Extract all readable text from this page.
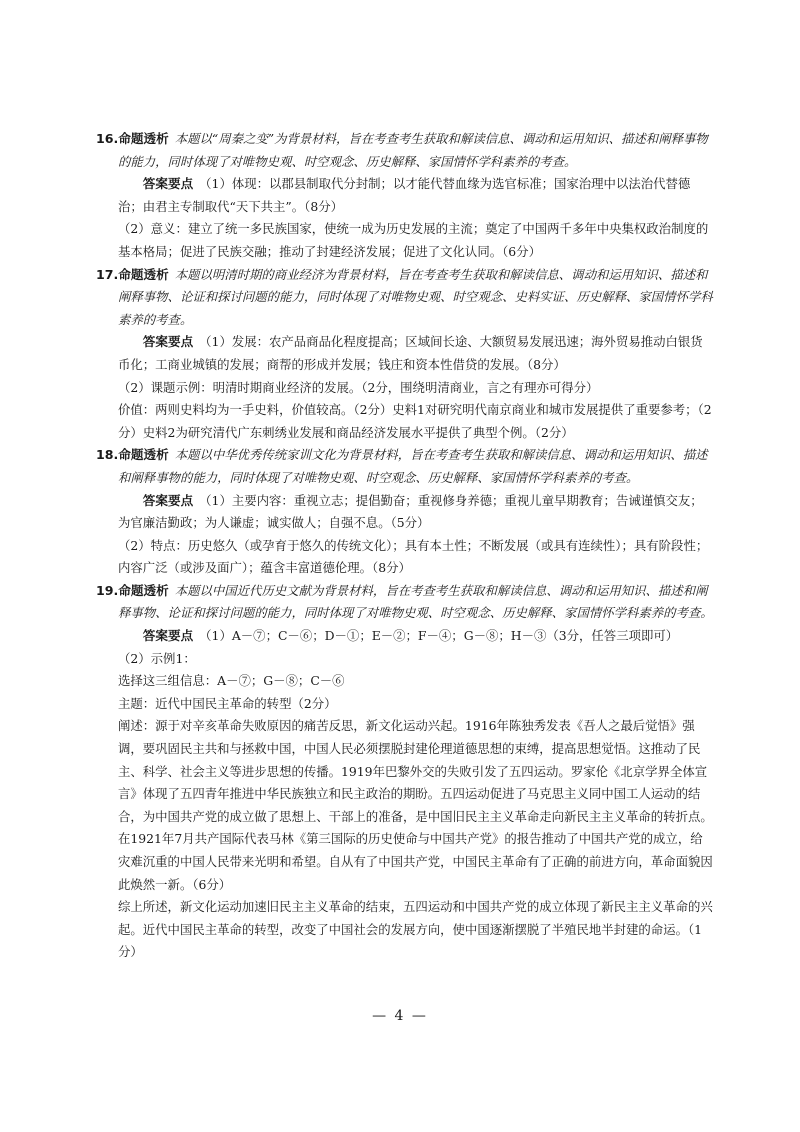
16.命题透析 本题以“周秦之变”为背景材料，旨在考查考生获取和解读信息、调动和运用知识、描述和阐释事物的能力，同时体现了对唯物史观、时空观念、历史解释、家国情怀学科素养的考查。
答案要点 （1）体现：以郡县制取代分封制；以才能代替血缘为选官标准；国家治理中以法治代替德治；由君主专制取代“天下共主”。（8分）
（2）意义：建立了统一多民族国家，使统一成为历史发展的主流；奠定了中国两千多年中央集权政治制度的基本格局；促进了民族交融；推动了封建经济发展；促进了文化认同。（6分）
17.命题透析 本题以明清时期的商业经济为背景材料，旨在考查考生获取和解读信息、调动和运用知识、描述和阐释事物、论证和探讨问题的能力，同时体现了对唯物史观、时空观念、史料实证、历史解释、家国情怀学科素养的考查。
答案要点 （1）发展：农产品商品化程度提高；区域间长途、大额贸易发展迅速；海外贸易推动白银货币化；工商业城镇的发展；商帮的形成并发展；钱庄和资本性借贷的发展。（8分）
（2）课题示例：明清时期商业经济的发展。（2分，围绕明清商业，言之有理亦可得分）
价值：两则史料均为一手史料，价值较高。（2分）史料1对研究明代南京商业和城市发展提供了重要参考；（2分）史料2为研究清代广东刺绣业发展和商品经济发展水平提供了典型个例。（2分）
18.命题透析 本题以中华优秀传统家训文化为背景材料，旨在考查考生获取和解读信息、调动和运用知识、描述和阐释事物的能力，同时体现了对唯物史观、时空观念、历史解释、家国情怀学科素养的考查。
答案要点 （1）主要内容：重视立志；提倡勤奋；重视修身养德；重视儿童早期教育；告诫谨慎交友；为官廉洁勤政；为人谦虚；诚实做人；自强不息。（5分）
（2）特点：历史悠久（或孕育于悠久的传统文化）；具有本土性；不断发展（或具有连续性）；具有阶段性；内容广泛（或涉及面广）；蕴含丰富道德伦理。（8分）
19.命题透析 本题以中国近代历史文献为背景材料，旨在考查考生获取和解读信息、调动和运用知识、描述和阐释事物、论证和探讨问题的能力，同时体现了对唯物史观、时空观念、历史解释、家国情怀学科素养的考查。
答案要点 （1）A－⑦；C－⑥；D－①；E－②；F－④；G－⑧；H－③（3分，任答三项即可）
（2）示例1：
选择这三组信息：A－⑦；G－⑧；C－⑥
主题：近代中国民主革命的转型（2分）
阐述：源于对辛亥革命失败原因的痛苦反思，新文化运动兴起。1916年陈独秀发表《吾人之最后觉悟》强调，要巩固民主共和与拯救中国，中国人民必须摆脱封建伦理道德思想的束缚，提高思想觉悟。这推动了民主、科学、社会主义等进步思想的传播。1919年巴黎外交的失败引发了五四运动。罗家伦《北京学界全体宣言》体现了五四青年推进中华民族独立和民主政治的期盼。五四运动促进了马克思主义同中国工人运动的结合，为中国共产党的成立做了思想上、干部上的准备，是中国旧民主主义革命走向新民主主义革命的转折点。在1921年7月共产国际代表马林《第三国际的历史使命与中国共产党》的报告推动了中国共产党的成立，给灾难沉重的中国人民带来光明和希望。自从有了中国共产党，中国民主革命有了正确的前进方向，革命面貌因此焕然一新。（6分）
综上所述，新文化运动加速旧民主主义革命的结束，五四运动和中国共产党的成立体现了新民主主义革命的兴起。近代中国民主革命的转型，改变了中国社会的发展方向，使中国逐渐摆脱了半殖民地半封建的命运。（1分）
— 4 —
